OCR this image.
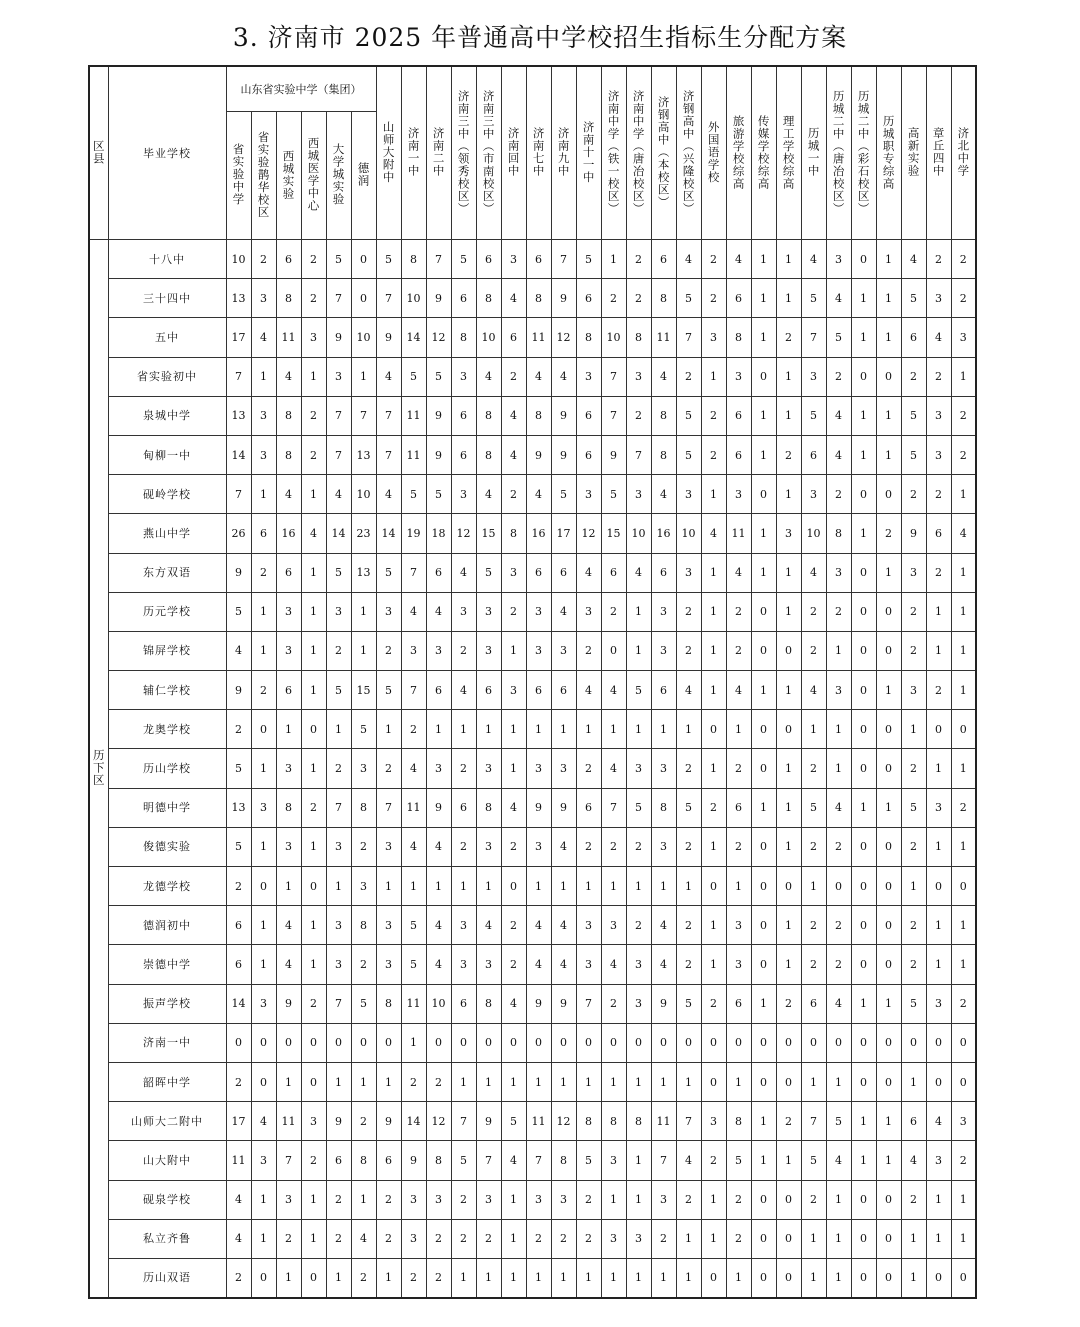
3. 济南市 2025 年普通高中学校招生指标生分配方案
区县	毕业学校	山东省实验中学（集团）						山师大附中	济南一中	济南二中	济南三中（领秀校区）	济南三中（市南校区）	济南回中	济南七中	济南九中	济南十一中	济南中学（铁一校区）	济南中学（唐冶校区）	济钢高中（本校区）	济钢高中（兴隆校区）	外国语学校	旅游学校综高	传媒学校综高	理工学校综高	历城一中	历城二中（唐冶校区）	历城二中（彩石校区）	历城职专综高	高新实验	章丘四中	济北中学
		省实验中学	省实验鹊华校区	西城实验	西城医学中心	大学城实验	德润																								
历下区	十八中	10	2	6	2	5	0	5	8	7	5	6	3	6	7	5	1	2	6	4	2	4	1	1	4	3	0	1	4	2	2
	三十四中	13	3	8	2	7	0	7	10	9	6	8	4	8	9	6	2	2	8	5	2	6	1	1	5	4	1	1	5	3	2
	五中	17	4	11	3	9	10	9	14	12	8	10	6	11	12	8	10	8	11	7	3	8	1	2	7	5	1	1	6	4	3
	省实验初中	7	1	4	1	3	1	4	5	5	3	4	2	4	4	3	7	3	4	2	1	3	0	1	3	2	0	0	2	2	1
	泉城中学	13	3	8	2	7	7	7	11	9	6	8	4	8	9	6	7	2	8	5	2	6	1	1	5	4	1	1	5	3	2
	甸柳一中	14	3	8	2	7	13	7	11	9	6	8	4	9	9	6	9	7	8	5	2	6	1	2	6	4	1	1	5	3	2
	砚岭学校	7	1	4	1	4	10	4	5	5	3	4	2	4	5	3	5	3	4	3	1	3	0	1	3	2	0	0	2	2	1
	燕山中学	26	6	16	4	14	23	14	19	18	12	15	8	16	17	12	15	10	16	10	4	11	1	3	10	8	1	2	9	6	4
	东方双语	9	2	6	1	5	13	5	7	6	4	5	3	6	6	4	6	4	6	3	1	4	1	1	4	3	0	1	3	2	1
	历元学校	5	1	3	1	3	1	3	4	4	3	3	2	3	4	3	2	1	3	2	1	2	0	1	2	2	0	0	2	1	1
	锦屏学校	4	1	3	1	2	1	2	3	3	2	3	1	3	3	2	0	1	3	2	1	2	0	0	2	1	0	0	2	1	1
	辅仁学校	9	2	6	1	5	15	5	7	6	4	6	3	6	6	4	4	5	6	4	1	4	1	1	4	3	0	1	3	2	1
	龙奥学校	2	0	1	0	1	5	1	2	1	1	1	1	1	1	1	1	1	1	1	0	1	0	0	1	1	0	0	1	0	0
	历山学校	5	1	3	1	2	3	2	4	3	2	3	1	3	3	2	4	3	3	2	1	2	0	1	2	1	0	0	2	1	1
	明德中学	13	3	8	2	7	8	7	11	9	6	8	4	9	9	6	7	5	8	5	2	6	1	1	5	4	1	1	5	3	2
	俊德实验	5	1	3	1	3	2	3	4	4	2	3	2	3	4	2	2	2	3	2	1	2	0	1	2	2	0	0	2	1	1
	龙德学校	2	0	1	0	1	3	1	1	1	1	1	0	1	1	1	1	1	1	1	0	1	0	0	1	0	0	0	1	0	0
	德润初中	6	1	4	1	3	8	3	5	4	3	4	2	4	4	3	3	2	4	2	1	3	0	1	2	2	0	0	2	1	1
	崇德中学	6	1	4	1	3	2	3	5	4	3	3	2	4	4	3	4	3	4	2	1	3	0	1	2	2	0	0	2	1	1
	振声学校	14	3	9	2	7	5	8	11	10	6	8	4	9	9	7	2	3	9	5	2	6	1	2	6	4	1	1	5	3	2
	济南一中	0	0	0	0	0	0	0	1	0	0	0	0	0	0	0	0	0	0	0	0	0	0	0	0	0	0	0	0	0	0
	韶晖中学	2	0	1	0	1	1	1	2	2	1	1	1	1	1	1	1	1	1	1	0	1	0	0	1	1	0	0	1	0	0
	山师大二附中	17	4	11	3	9	2	9	14	12	7	9	5	11	12	8	8	8	11	7	3	8	1	2	7	5	1	1	6	4	3
	山大附中	11	3	7	2	6	8	6	9	8	5	7	4	7	8	5	3	1	7	4	2	5	1	1	5	4	1	1	4	3	2
	砚泉学校	4	1	3	1	2	1	2	3	3	2	3	1	3	3	2	1	1	3	2	1	2	0	0	2	1	0	0	2	1	1
	私立齐鲁	4	1	2	1	2	4	2	3	2	2	2	1	2	2	2	3	3	2	1	1	2	0	0	1	1	0	0	1	1	1
	历山双语	2	0	1	0	1	2	1	2	2	1	1	1	1	1	1	1	1	1	1	0	1	0	0	1	1	0	0	1	0	0
